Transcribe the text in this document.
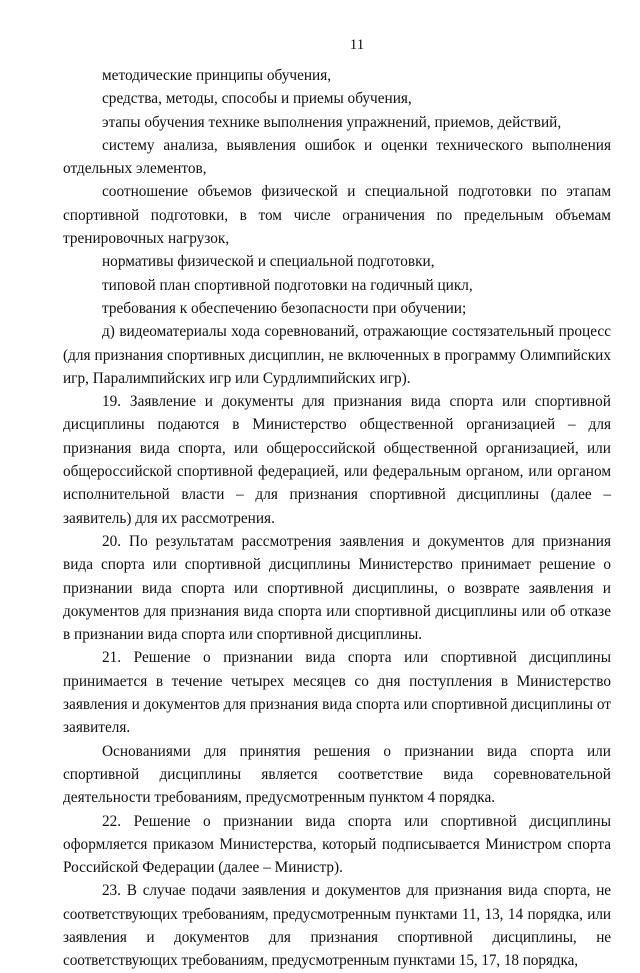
11

методические принципы обучения,

средства, методы, способы и приемы обучения,

этапы обучения технике выполнения упражнений, приемов, действий,

систему анализа, выявления ошибок и оценки технического выполнения отдельных элементов,

соотношение объемов физической и специальной подготовки по этапам спортивной подготовки, в том числе ограничения по предельным объемам тренировочных нагрузок,

нормативы физической и специальной подготовки,

типовой план спортивной подготовки на годичный цикл,

требования к обеспечению безопасности при обучении;

д) видеоматериалы хода соревнований, отражающие состязательный процесс (для признания спортивных дисциплин, не включенных в программу Олимпийских игр, Паралимпийских игр или Сурдлимпийских игр).

19. Заявление и документы для признания вида спорта или спортивной дисциплины подаются в Министерство общественной организацией – для признания вида спорта, или общероссийской общественной организацией, или общероссийской спортивной федерацией, или федеральным органом, или органом исполнительной власти – для признания спортивной дисциплины (далее – заявитель) для их рассмотрения.

20. По результатам рассмотрения заявления и документов для признания вида спорта или спортивной дисциплины Министерство принимает решение о признании вида спорта или спортивной дисциплины, о возврате заявления и документов для признания вида спорта или спортивной дисциплины или об отказе в признании вида спорта или спортивной дисциплины.

21. Решение о признании вида спорта или спортивной дисциплины принимается в течение четырех месяцев со дня поступления в Министерство заявления и документов для признания вида спорта или спортивной дисциплины от заявителя.

Основаниями для принятия решения о признании вида спорта или спортивной дисциплины является соответствие вида соревновательной деятельности требованиям, предусмотренным пунктом 4 порядка.

22. Решение о признании вида спорта или спортивной дисциплины оформляется приказом Министерства, который подписывается Министром спорта Российской Федерации (далее – Министр).

23. В случае подачи заявления и документов для признания вида спорта, не соответствующих требованиям, предусмотренным пунктами 11, 13, 14 порядка, или заявления и документов для признания спортивной дисциплины, не соответствующих требованиям, предусмотренным пунктами 15, 17, 18 порядка,
